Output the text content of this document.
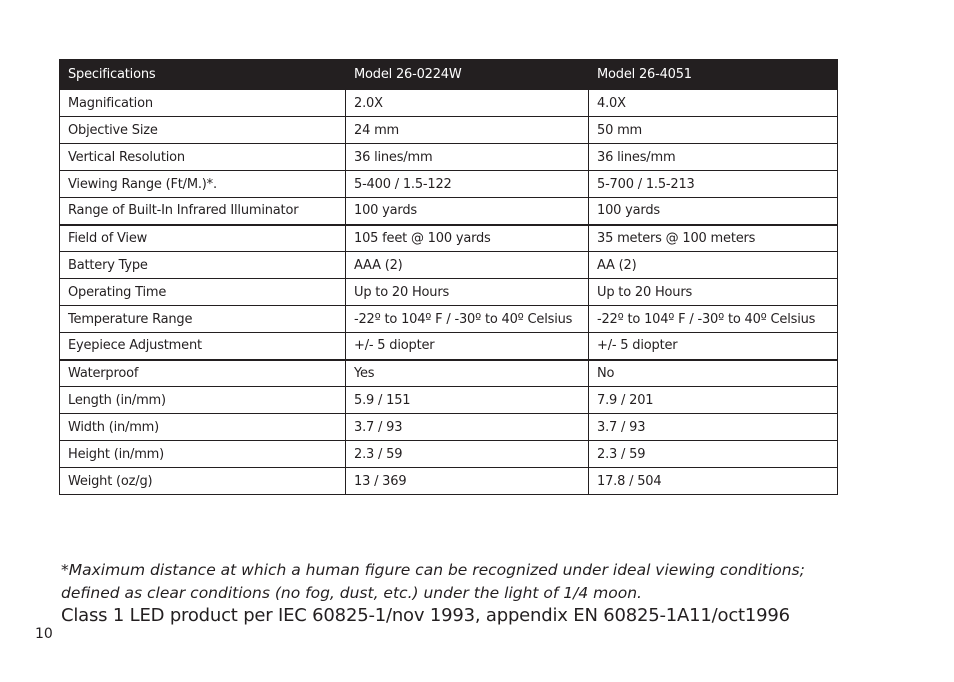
Specifications	Model 26-0224W	Model 26-4051
Magnification	2.0X	4.0X
Objective Size	24 mm	50 mm
Vertical Resolution	36 lines/mm	36 lines/mm
Viewing Range (Ft/M.)*.	5-400 / 1.5-122	5-700 / 1.5-213
Range of Built-In Infrared Illuminator	100 yards	100 yards
Field of View	105 feet @ 100 yards	35 meters @ 100 meters
Battery Type	AAA (2)	AA (2)
Operating Time	Up to 20 Hours	Up to 20 Hours
Temperature Range	-22º to 104º F / -30º to 40º Celsius	-22º to 104º F / -30º to 40º Celsius
Eyepiece Adjustment	+/- 5 diopter	+/- 5 diopter
Waterproof	Yes	No
Length (in/mm)	5.9 / 151	7.9 / 201
Width (in/mm)	3.7 / 93	3.7 / 93
Height (in/mm)	2.3 / 59	2.3 / 59
Weight (oz/g)	13 / 369	17.8 / 504

*Maximum distance at which a human figure can be recognized under ideal viewing conditions; defined as clear conditions (no fog, dust, etc.) under the light of 1/4 moon.

Class 1 LED product per IEC 60825-1/nov 1993, appendix EN 60825-1A11/oct1996

10
